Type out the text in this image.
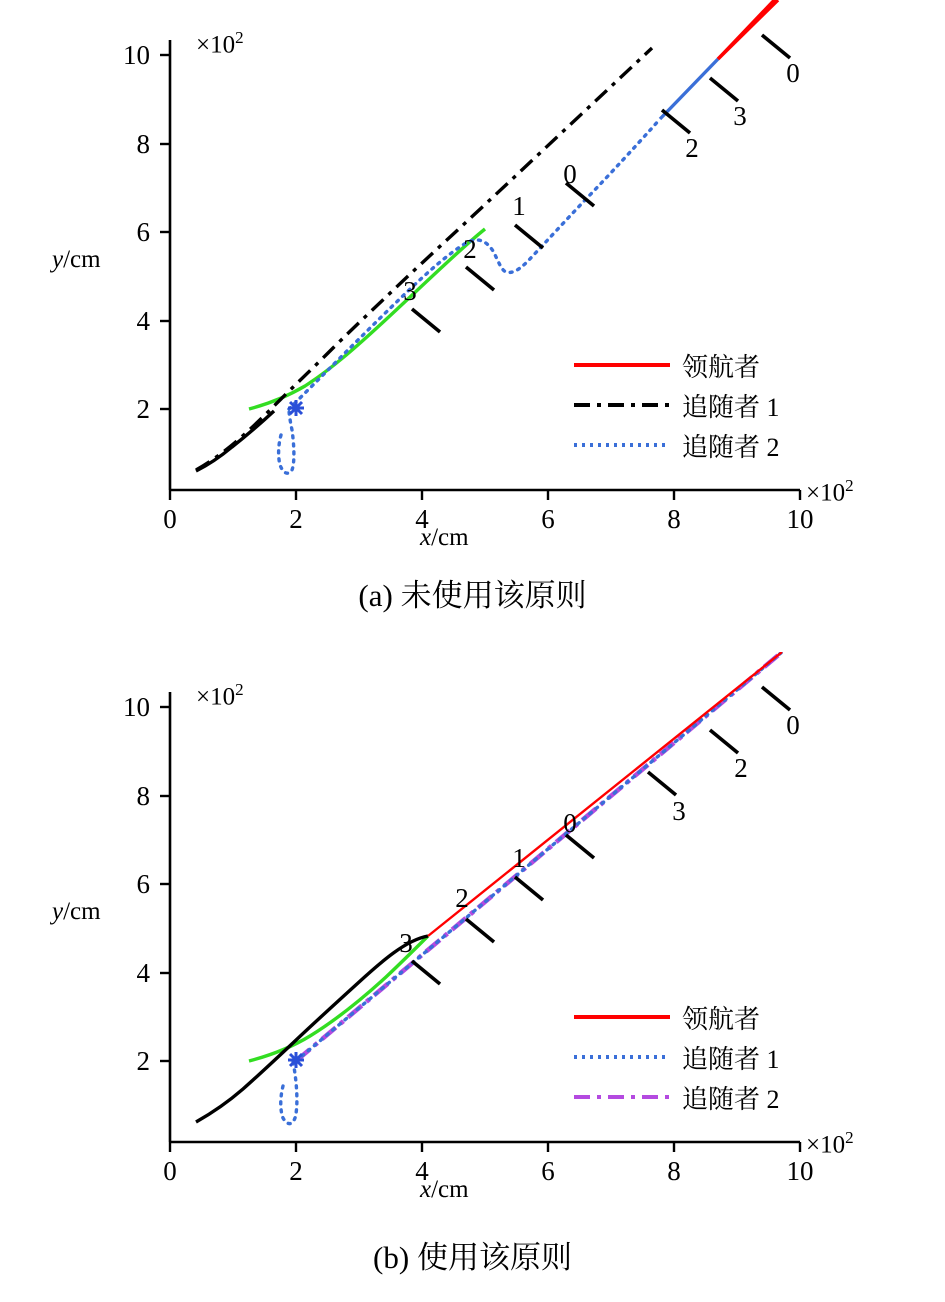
0	2	4	6	8	10
2
4
6
8
10
3
2
1
0
2
3
0
$\times 10^2$
$\times 10^2$
y/cm
x/cm
领航者
追随者 1
追随者 2
(a) 未使用该原则
0	2	4	6	8	10
2
4
6
8
10
3
2
1
0	3
2
0
$\times 10^2$
$\times 10^2$
y/cm
x/cm
领航者
追随者 1
追随者 2
(b) 使用该原则
